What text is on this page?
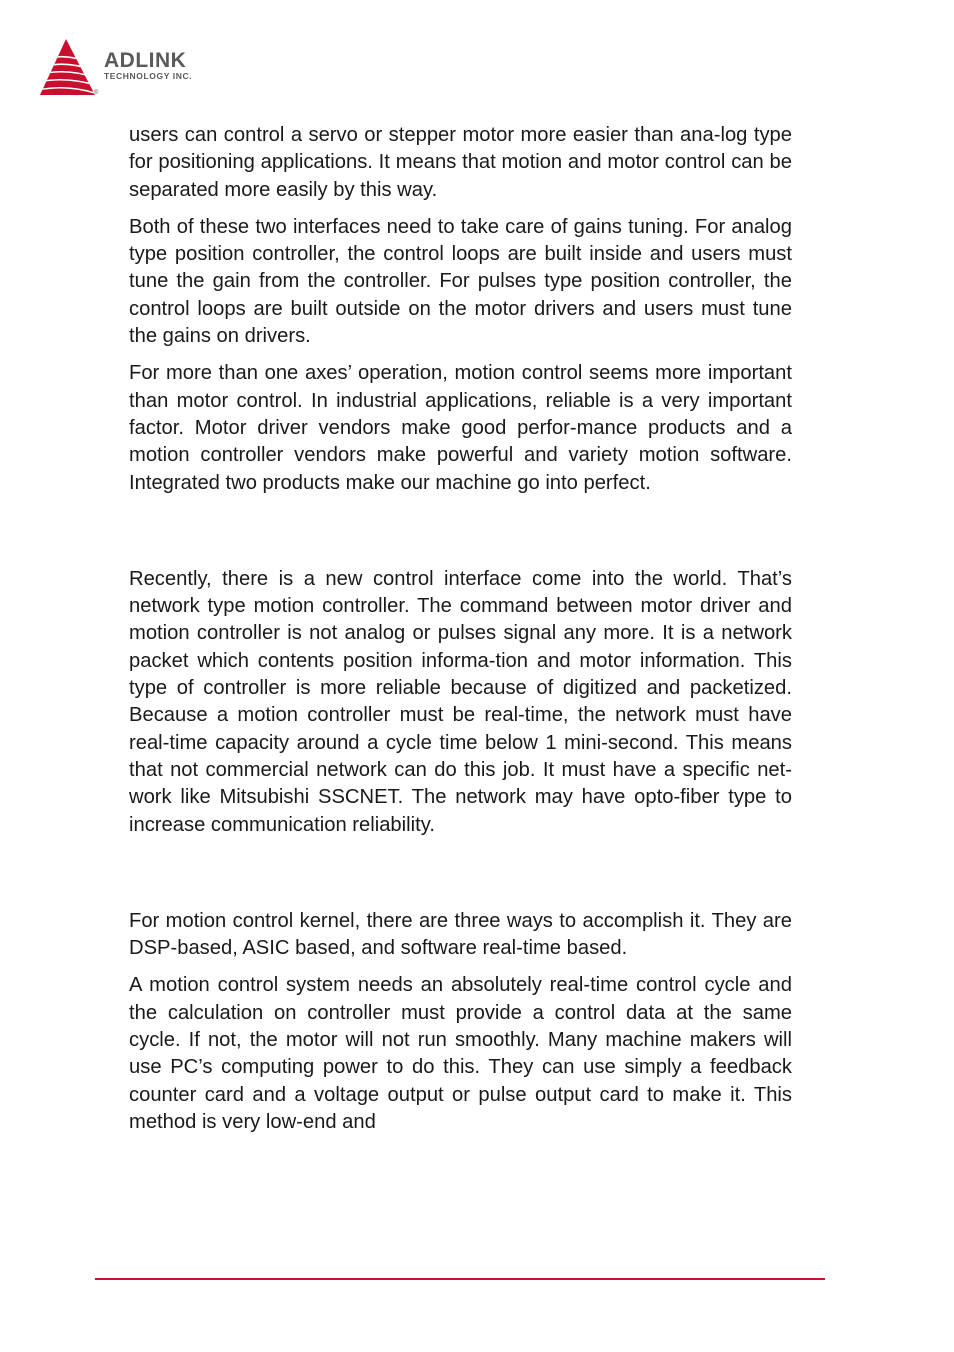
ADLINK
TECHNOLOGY INC.
®

users can control a servo or stepper motor more easier than ana-log type for positioning applications. It means that motion and motor control can be separated more easily by this way.

Both of these two interfaces need to take care of gains tuning. For analog type position controller, the control loops are built inside and users must tune the gain from the controller. For pulses type position controller, the control loops are built outside on the motor drivers and users must tune the gains on drivers.

For more than one axes’ operation, motion control seems more important than motor control. In industrial applications, reliable is a very important factor. Motor driver vendors make good perfor-mance products and a motion controller vendors make powerful and variety motion software. Integrated two products make our machine go into perfect.

Recently, there is a new control interface come into the world. That’s network type motion controller. The command between motor driver and motion controller is not analog or pulses signal any more. It is a network packet which contents position informa-tion and motor information. This type of controller is more reliable because of digitized and packetized. Because a motion controller must be real-time, the network must have real-time capacity around a cycle time below 1 mini-second. This means that not commercial network can do this job. It must have a specific net-work like Mitsubishi SSCNET. The network may have opto-fiber type to increase communication reliability.

For motion control kernel, there are three ways to accomplish it. They are DSP-based, ASIC based, and software real-time based.

A motion control system needs an absolutely real-time control cycle and the calculation on controller must provide a control data at the same cycle. If not, the motor will not run smoothly. Many machine makers will use PC’s computing power to do this. They can use simply a feedback counter card and a voltage output or pulse output card to make it. This method is very low-end and
